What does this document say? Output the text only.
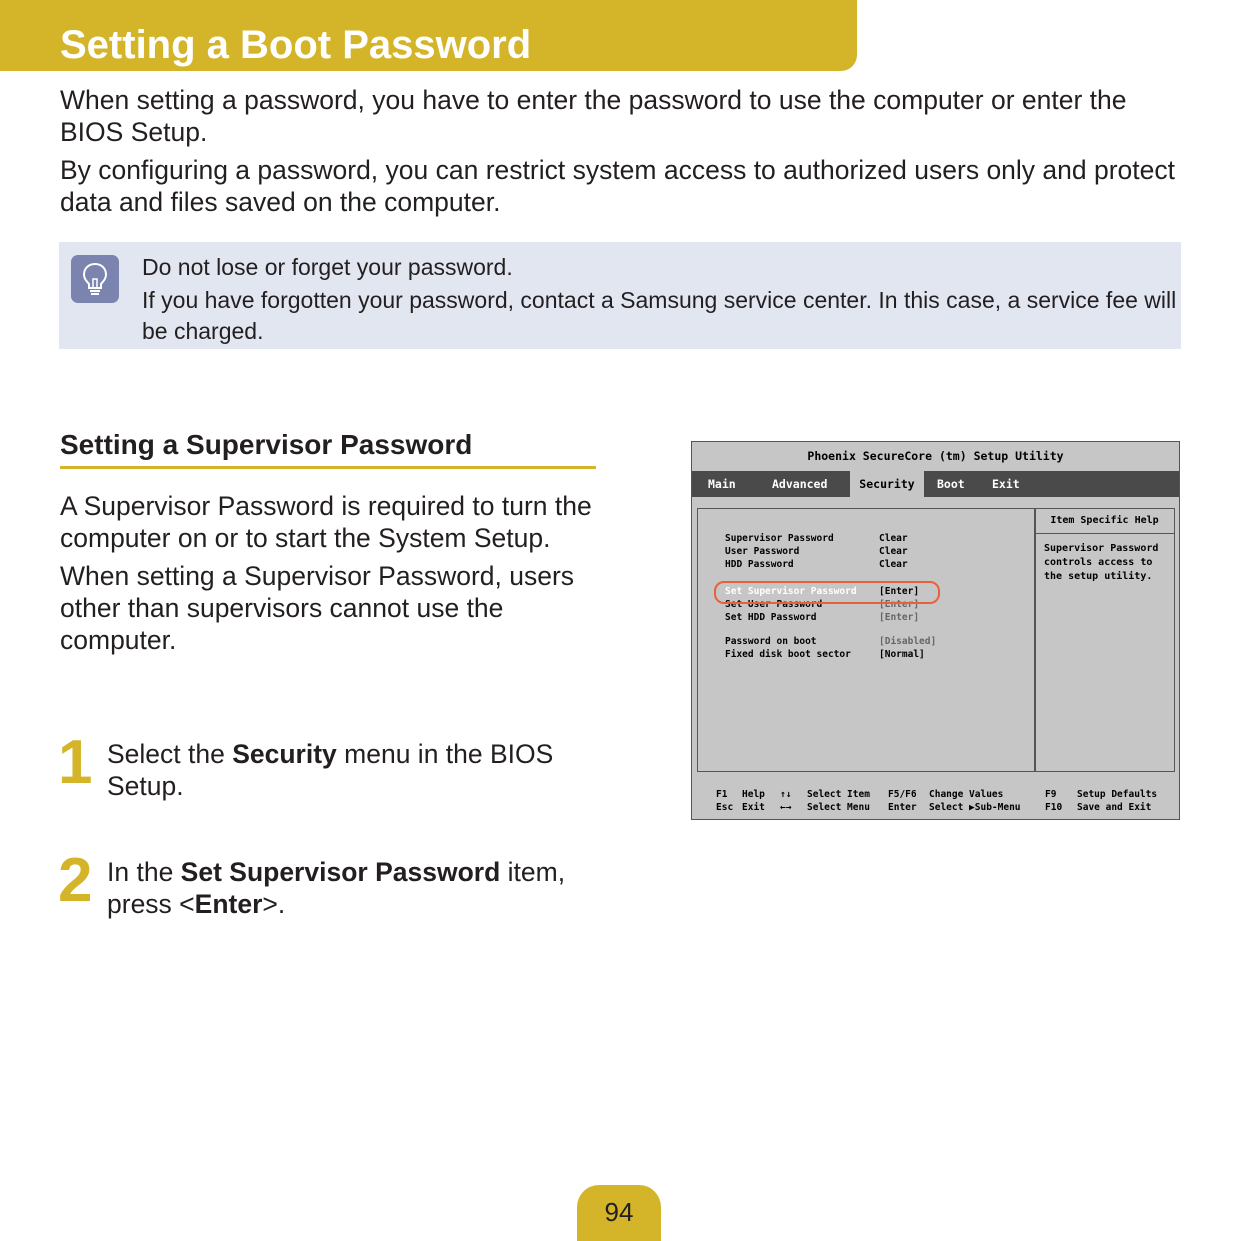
Setting a Boot Password

When setting a password, you have to enter the password to use the computer or enter the BIOS Setup.

By configuring a password, you can restrict system access to authorized users only and protect data and files saved on the computer.

Do not lose or forget your password.

If you have forgotten your password, contact a Samsung service center. In this case, a service fee will be charged.

Setting a Supervisor Password

A Supervisor Password is required to turn the computer on or to start the System Setup.

When setting a Supervisor Password, users other than supervisors cannot use the computer.

1 Select the Security menu in the BIOS Setup.
2 In the Set Supervisor Password item, press <Enter>.
Phoenix SecureCore (tm) Setup Utility
Main	Advanced	Security	Boot	Exit
Supervisor Password	Clear
User Password	Clear
HDD Password	Clear
Set Supervisor Password [Enter]
Set User Password	[Enter]
Set HDD Password	[Enter]
Password on boot	[Disabled]
Fixed disk boot sector	[Normal]
Item Specific Help
Supervisor Password controls access to the setup utility.
F1 Help
Esc Exit
↑↓ Select Item
←→ Select Menu
F5/F6 Change Values
Enter Select ▶Sub-Menu
F9 Setup Defaults
F10 Save and Exit
94
